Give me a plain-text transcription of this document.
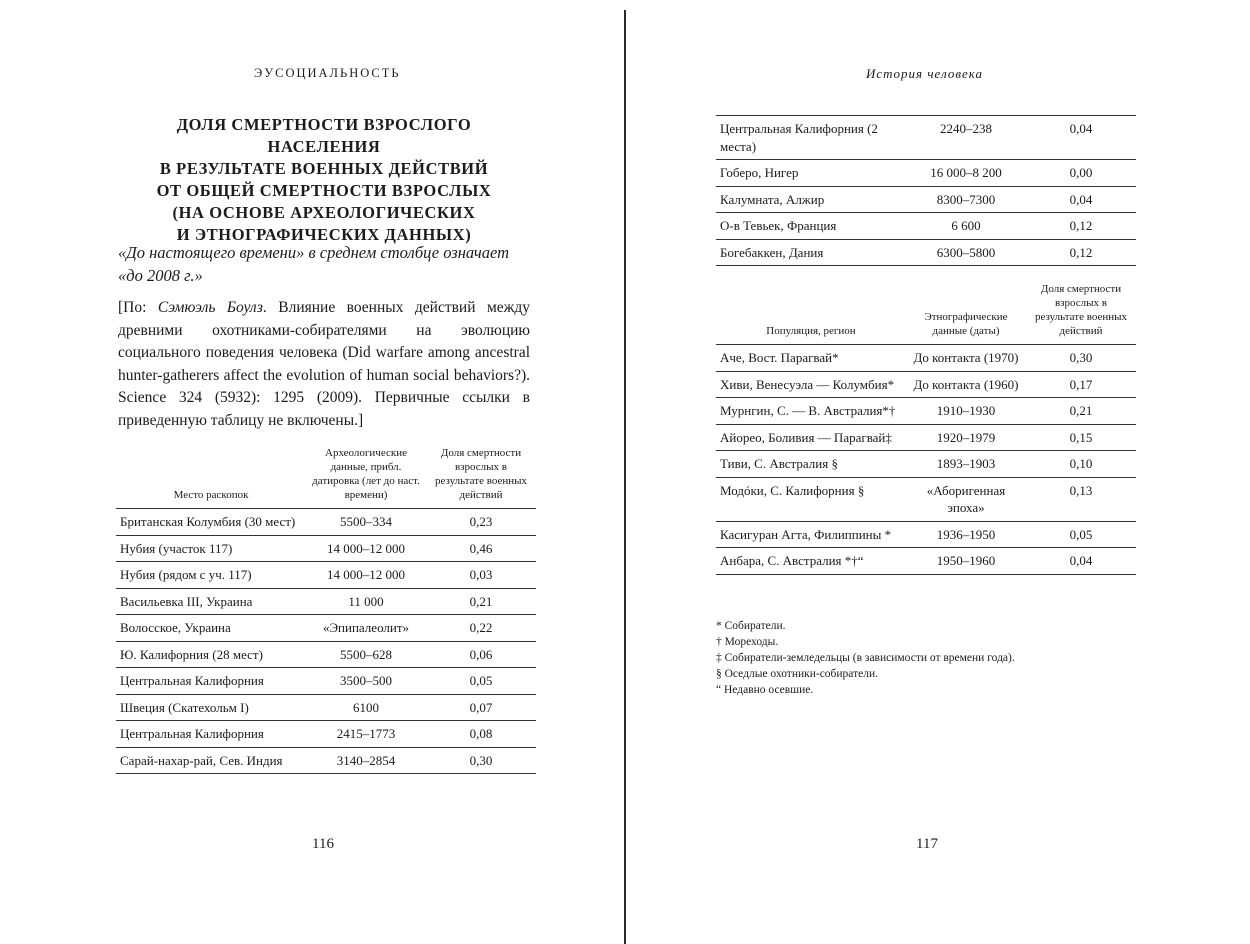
ЭУСОЦИАЛЬНОСТЬ
ДОЛЯ СМЕРТНОСТИ ВЗРОСЛОГО НАСЕЛЕНИЯ
В РЕЗУЛЬТАТЕ ВОЕННЫХ ДЕЙСТВИЙ
ОТ ОБЩЕЙ СМЕРТНОСТИ ВЗРОСЛЫХ
(НА ОСНОВЕ АРХЕОЛОГИЧЕСКИХ
И ЭТНОГРАФИЧЕСКИХ ДАННЫХ)
«До настоящего времени» в среднем столбце означает «до 2008 г.»
[По: Сэмюэль Боулз. Влияние военных действий между древними охотниками-собирателями на эволюцию социального поведения человека (Did warfare among ancestral hunter-gatherers affect the evolution of human social behaviors?). Science 324 (5932): 1295 (2009). Первичные ссылки в приведенную таблицу не включены.]
Место раскопок	Археологические данные, прибл. датировка (лет до наст. времени)	Доля смертности взрослых в результате военных действий
Британская Колумбия (30 мест)	5500–334	0,23
Нубия (участок 117)	14 000–12 000	0,46
Нубия (рядом с уч. 117)	14 000–12 000	0,03
Васильевка III, Украина	11 000	0,21
Волосское, Украина	«Эпипалеолит»	0,22
Ю. Калифорния (28 мест)	5500–628	0,06
Центральная Калифорния	3500–500	0,05
Швеция (Скатехольм I)	6100	0,07
Центральная Калифорния	2415–1773	0,08
Сарай-нахар-рай, Сев. Индия	3140–2854	0,30
116
История человека
117
Центральная Калифорния (2 места)	2240–238	0,04
Гоберо, Нигер	16 000–8 200	0,00
Калумната, Алжир	8300–7300	0,04
О-в Тевьек, Франция	6 600	0,12
Богебаккен, Дания	6300–5800	0,12
Популяция, регион	Этнографические данные (даты)	Доля смертности взрослых в результате военных действий
Аче, Вост. Парагвай*	До контакта (1970)	0,30
Хиви, Венесуэла — Колумбия*	До контакта (1960)	0,17
Мурнгин, С. — В. Австралия*†	1910–1930	0,21
Айорео, Боливия — Парагвай‡	1920–1979	0,15
Тиви, С. Австралия §	1893–1903	0,10
Модóки, С. Калифорния §	«Аборигенная эпоха»	0,13
Касигуран Агта, Филиппины *	1936–1950	0,05
Анбара, С. Австралия *†“	1950–1960	0,04
* Собиратели.
† Мореходы.
‡ Собиратели-земледельцы (в зависимости от времени года).
§ Оседлые охотники-собиратели.
“ Недавно осевшие.
